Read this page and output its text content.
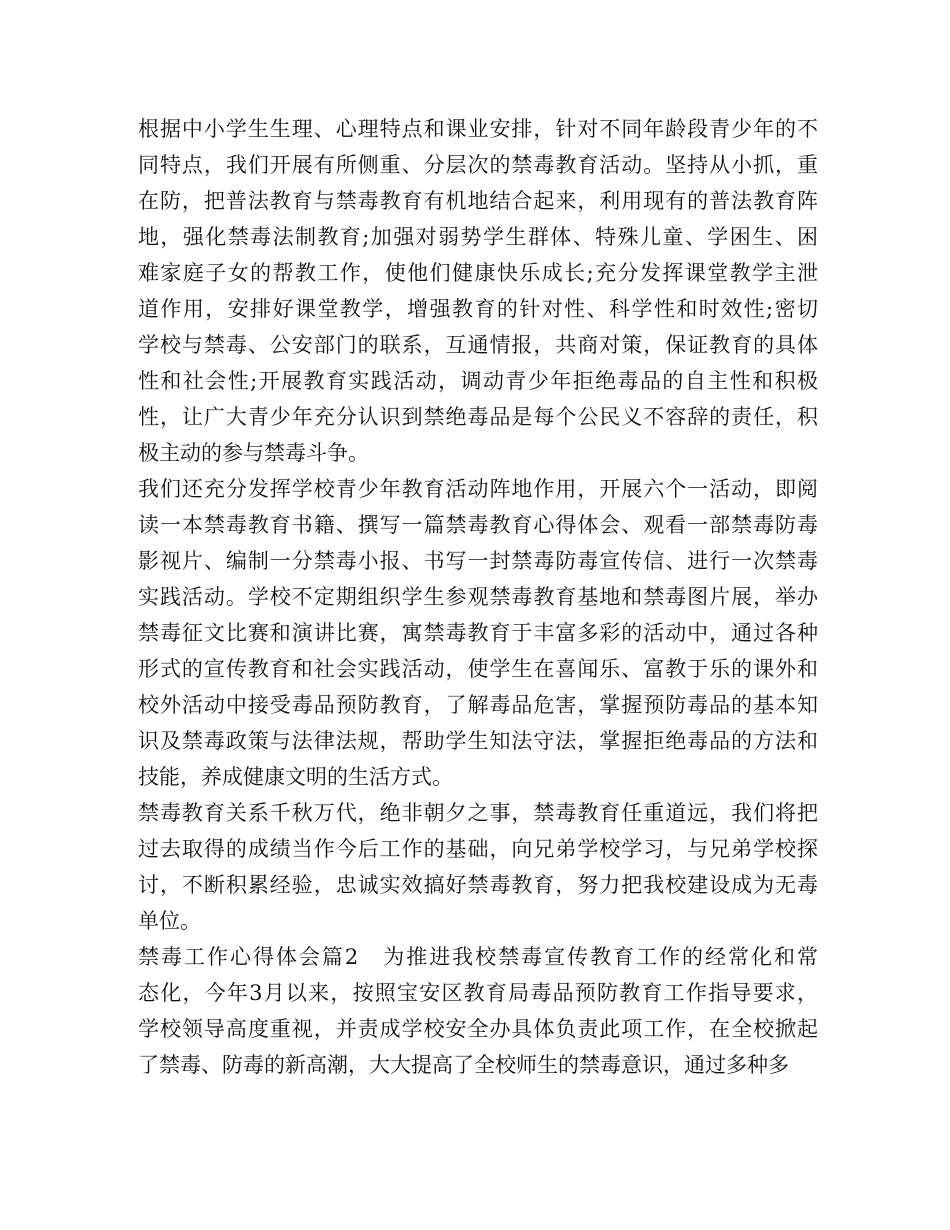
根据中小学生生理、心理特点和课业安排，针对不同年龄段青少年的不
同特点，我们开展有所侧重、分层次的禁毒教育活动。坚持从小抓，重
在防，把普法教育与禁毒教育有机地结合起来，利用现有的普法教育阵
地，强化禁毒法制教育;加强对弱势学生群体、特殊儿童、学困生、困
难家庭子女的帮教工作，使他们健康快乐成长;充分发挥课堂教学主泄
道作用，安排好课堂教学，增强教育的针对性、科学性和时效性;密切
学校与禁毒、公安部门的联系，互通情报，共商对策，保证教育的具体
性和社会性;开展教育实践活动，调动青少年拒绝毒品的自主性和积极
性，让广大青少年充分认识到禁绝毒品是每个公民义不容辞的责任，积
极主动的参与禁毒斗争。
我们还充分发挥学校青少年教育活动阵地作用，开展六个一活动，即阅
读一本禁毒教育书籍、撰写一篇禁毒教育心得体会、观看一部禁毒防毒
影视片、编制一分禁毒小报、书写一封禁毒防毒宣传信、进行一次禁毒
实践活动。学校不定期组织学生参观禁毒教育基地和禁毒图片展，举办
禁毒征文比赛和演讲比赛，寓禁毒教育于丰富多彩的活动中，通过各种
形式的宣传教育和社会实践活动，使学生在喜闻乐、富教于乐的课外和
校外活动中接受毒品预防教育，了解毒品危害，掌握预防毒品的基本知
识及禁毒政策与法律法规，帮助学生知法守法，掌握拒绝毒品的方法和
技能，养成健康文明的生活方式。
禁毒教育关系千秋万代，绝非朝夕之事，禁毒教育任重道远，我们将把
过去取得的成绩当作今后工作的基础，向兄弟学校学习，与兄弟学校探
讨，不断积累经验，忠诚实效搞好禁毒教育，努力把我校建设成为无毒
单位。
禁毒工作心得体会篇2　为推进我校禁毒宣传教育工作的经常化和常
态化，今年3月以来，按照宝安区教育局毒品预防教育工作指导要求，
学校领导高度重视，并责成学校安全办具体负责此项工作，在全校掀起
了禁毒、防毒的新高潮，大大提高了全校师生的禁毒意识，通过多种多
